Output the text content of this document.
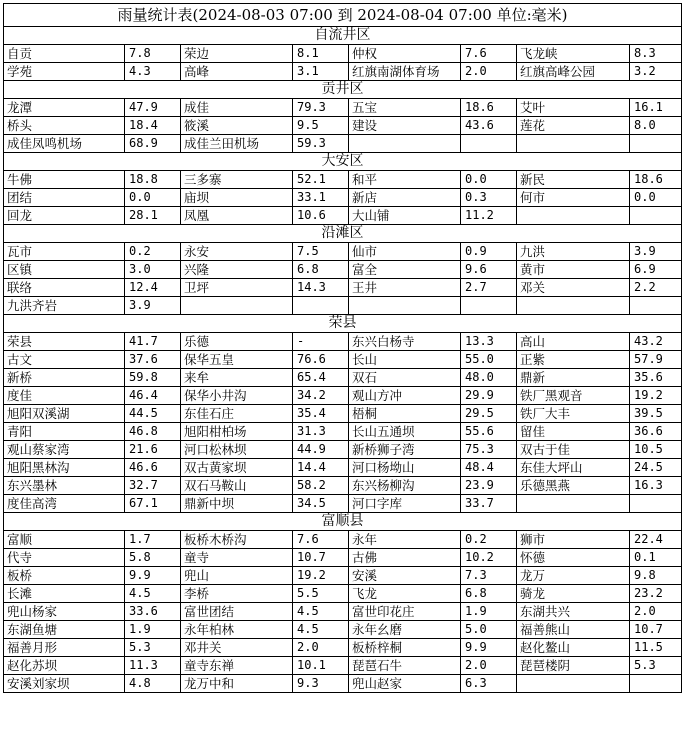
雨量统计表(2024-08-03 07:00 到 2024-08-04 07:00 单位:毫米)							
自流井区							
自贡	7.8	荣边	8.1	仲权	7.6	飞龙峡	8.3
学苑	4.3	高峰	3.1	红旗南湖体育场	2.0	红旗高峰公园	3.2
贡井区							
龙潭	47.9	成佳	79.3	五宝	18.6	艾叶	16.1
桥头	18.4	筱溪	9.5	建设	43.6	莲花	8.0
成佳凤鸣机场	68.9	成佳兰田机场	59.3				
大安区							
牛佛	18.8	三多寨	52.1	和平	0.0	新民	18.6
团结	0.0	庙坝	33.1	新店	0.3	何市	0.0
回龙	28.1	凤凰	10.6	大山铺	11.2		
沿滩区							
瓦市	0.2	永安	7.5	仙市	0.9	九洪	3.9
区镇	3.0	兴隆	6.8	富全	9.6	黄市	6.9
联络	12.4	卫坪	14.3	王井	2.7	邓关	2.2
九洪齐岩	3.9						
荣县							
荣县	41.7	乐德	-	东兴白杨寺	13.3	高山	43.2
古文	37.6	保华五皇	76.6	长山	55.0	正紫	57.9
新桥	59.8	来牟	65.4	双石	48.0	鼎新	35.6
度佳	46.4	保华小井沟	34.2	观山方冲	29.9	铁厂黑观音	19.2
旭阳双溪湖	44.5	东佳石庄	35.4	梧桐	29.5	铁厂大丰	39.5
青阳	46.8	旭阳柑柏场	31.3	长山五通坝	55.6	留佳	36.6
观山蔡家湾	21.6	河口松林坝	44.9	新桥狮子湾	75.3	双古于佳	10.5
旭阳黑林沟	46.6	双古黄家坝	14.4	河口杨坳山	48.4	东佳大坪山	24.5
东兴墨林	32.7	双石马鞍山	58.2	东兴杨柳沟	23.9	乐德黑燕	16.3
度佳高湾	67.1	鼎新中坝	34.5	河口字库	33.7		
富顺县							
富顺	1.7	板桥木桥沟	7.6	永年	0.2	狮市	22.4
代寺	5.8	童寺	10.7	古佛	10.2	怀德	0.1
板桥	9.9	兜山	19.2	安溪	7.3	龙万	9.8
长滩	4.5	李桥	5.5	飞龙	6.8	骑龙	23.2
兜山杨家	33.6	富世团结	4.5	富世印花庄	1.9	东湖共兴	2.0
东湖鱼塘	1.9	永年柏林	4.5	永年幺磨	5.0	福善熊山	10.7
福善月形	5.3	邓井关	2.0	板桥梓桐	9.9	赵化鳌山	11.5
赵化苏坝	11.3	童寺东禅	10.1	琵琶石牛	2.0	琵琶楼阴	5.3
安溪刘家坝	4.8	龙万中和	9.3	兜山赵家	6.3		
